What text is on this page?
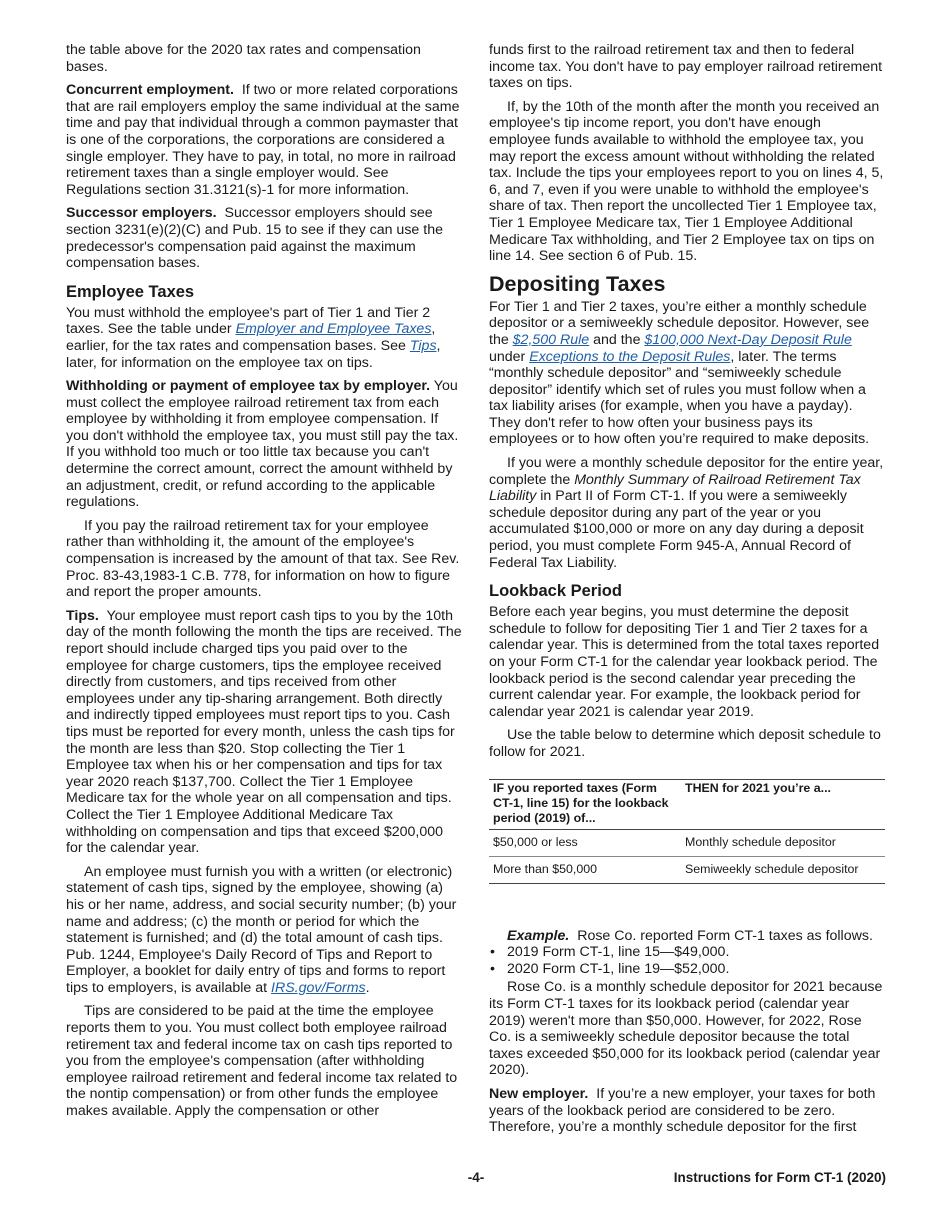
the table above for the 2020 tax rates and compensation bases.

Concurrent employment. If two or more related corporations that are rail employers employ the same individual at the same time and pay that individual through a common paymaster that is one of the corporations, the corporations are considered a single employer. They have to pay, in total, no more in railroad retirement taxes than a single employer would. See Regulations section 31.3121(s)-1 for more information.

Successor employers. Successor employers should see section 3231(e)(2)(C) and Pub. 15 to see if they can use the predecessor's compensation paid against the maximum compensation bases.

Employee Taxes

You must withhold the employee's part of Tier 1 and Tier 2 taxes. See the table under Employer and Employee Taxes, earlier, for the tax rates and compensation bases. See Tips, later, for information on the employee tax on tips.

Withholding or payment of employee tax by employer. You must collect the employee railroad retirement tax from each employee by withholding it from employee compensation. If you don't withhold the employee tax, you must still pay the tax. If you withhold too much or too little tax because you can't determine the correct amount, correct the amount withheld by an adjustment, credit, or refund according to the applicable regulations.

If you pay the railroad retirement tax for your employee rather than withholding it, the amount of the employee's compensation is increased by the amount of that tax. See Rev. Proc. 83-43,1983-1 C.B. 778, for information on how to figure and report the proper amounts.

Tips. Your employee must report cash tips to you by the 10th day of the month following the month the tips are received. The report should include charged tips you paid over to the employee for charge customers, tips the employee received directly from customers, and tips received from other employees under any tip-sharing arrangement. Both directly and indirectly tipped employees must report tips to you. Cash tips must be reported for every month, unless the cash tips for the month are less than $20. Stop collecting the Tier 1 Employee tax when his or her compensation and tips for tax year 2020 reach $137,700. Collect the Tier 1 Employee Medicare tax for the whole year on all compensation and tips. Collect the Tier 1 Employee Additional Medicare Tax withholding on compensation and tips that exceed $200,000 for the calendar year.

An employee must furnish you with a written (or electronic) statement of cash tips, signed by the employee, showing (a) his or her name, address, and social security number; (b) your name and address; (c) the month or period for which the statement is furnished; and (d) the total amount of cash tips. Pub. 1244, Employee's Daily Record of Tips and Report to Employer, a booklet for daily entry of tips and forms to report tips to employers, is available at IRS.gov/Forms.

Tips are considered to be paid at the time the employee reports them to you. You must collect both employee railroad retirement tax and federal income tax on cash tips reported to you from the employee's compensation (after withholding employee railroad retirement and federal income tax related to the nontip compensation) or from other funds the employee makes available. Apply the compensation or other

funds first to the railroad retirement tax and then to federal income tax. You don't have to pay employer railroad retirement taxes on tips.

If, by the 10th of the month after the month you received an employee's tip income report, you don't have enough employee funds available to withhold the employee tax, you may report the excess amount without withholding the related tax. Include the tips your employees report to you on lines 4, 5, 6, and 7, even if you were unable to withhold the employee's share of tax. Then report the uncollected Tier 1 Employee tax, Tier 1 Employee Medicare tax, Tier 1 Employee Additional Medicare Tax withholding, and Tier 2 Employee tax on tips on line 14. See section 6 of Pub. 15.

Depositing Taxes

For Tier 1 and Tier 2 taxes, you’re either a monthly schedule depositor or a semiweekly schedule depositor. However, see the $2,500 Rule and the $100,000 Next-Day Deposit Rule under Exceptions to the Deposit Rules, later. The terms “monthly schedule depositor” and “semiweekly schedule depositor” identify which set of rules you must follow when a tax liability arises (for example, when you have a payday). They don't refer to how often your business pays its employees or to how often you’re required to make deposits.

If you were a monthly schedule depositor for the entire year, complete the Monthly Summary of Railroad Retirement Tax Liability in Part II of Form CT-1. If you were a semiweekly schedule depositor during any part of the year or you accumulated $100,000 or more on any day during a deposit period, you must complete Form 945-A, Annual Record of Federal Tax Liability.

Lookback Period

Before each year begins, you must determine the deposit schedule to follow for depositing Tier 1 and Tier 2 taxes for a calendar year. This is determined from the total taxes reported on your Form CT-1 for the calendar year lookback period. The lookback period is the second calendar year preceding the current calendar year. For example, the lookback period for calendar year 2021 is calendar year 2019.

Use the table below to determine which deposit schedule to follow for 2021.

IF you reported taxes (Form CT-1, line 15) for the lookback period (2019) of...	THEN for 2021 you’re a...
$50,000 or less	Monthly schedule depositor
More than $50,000	Semiweekly schedule depositor

Example. Rose Co. reported Form CT-1 taxes as follows.

• 2019 Form CT-1, line 15—$49,000.
• 2020 Form CT-1, line 19—$52,000.

Rose Co. is a monthly schedule depositor for 2021 because its Form CT-1 taxes for its lookback period (calendar year 2019) weren't more than $50,000. However, for 2022, Rose Co. is a semiweekly schedule depositor because the total taxes exceeded $50,000 for its lookback period (calendar year 2020).

New employer. If you’re a new employer, your taxes for both years of the lookback period are considered to be zero. Therefore, you’re a monthly schedule depositor for the first

-4-	Instructions for Form CT-1 (2020)
